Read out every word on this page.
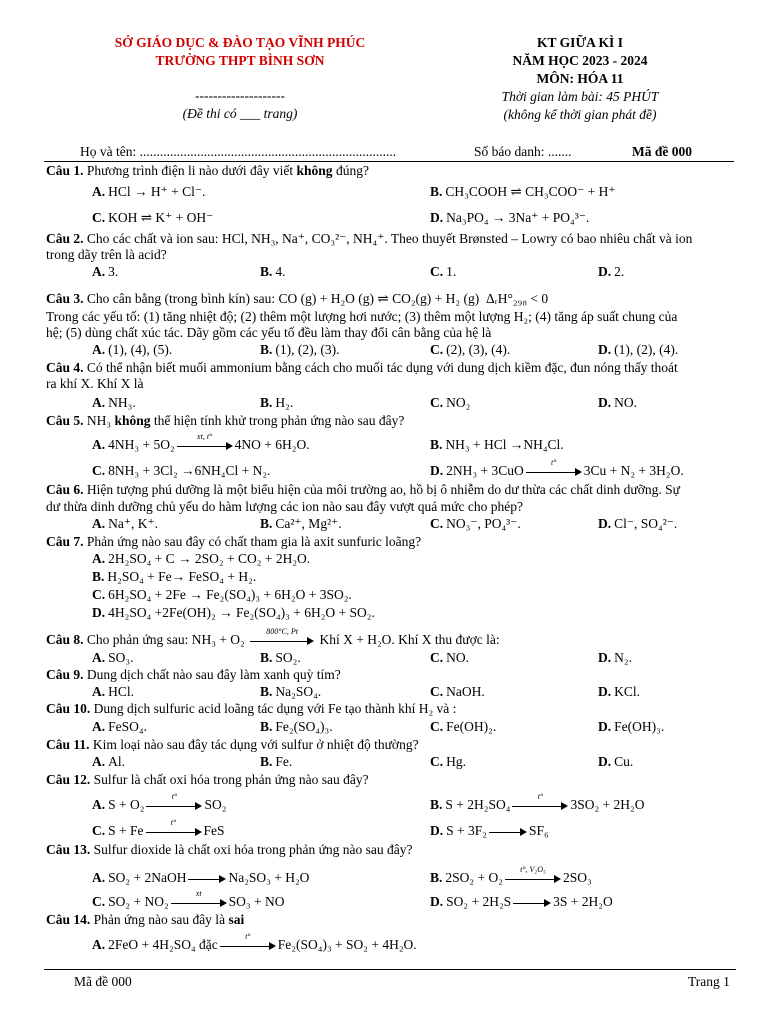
SỞ GIÁO DỤC & ĐÀO TẠO VĨNH PHÚC
TRƯỜNG THPT BÌNH SƠN
KT GIỮA KÌ I
NĂM HỌC 2023 - 2024
MÔN: HÓA 11
--------------------
(Đề thi có ___ trang)
Thời gian làm bài: 45 PHÚT
(không kể thời gian phát đề)
Họ và tên: ............................................................................	Số báo danh: .......	Mã đề 000
Câu 1. Phương trình điện li nào dưới đây viết không đúng?
A. HCl → H⁺ + Cl⁻.	B. CH₃COOH ⇌ CH₃COO⁻ + H⁺
C. KOH ⇌ K⁺ + OH⁻	D. Na₃PO₄ → 3Na⁺ + PO₄³⁻.
Câu 2. Cho các chất và ion sau: HCl, NH₃, Na⁺, CO₃²⁻, NH₄⁺. Theo thuyết Brønsted – Lowry có bao nhiêu chất và ion
trong dãy trên là acid?
A. 3.	B. 4.	C. 1.	D. 2.
Câu 3. Cho cân bằng (trong bình kín) sau: CO (g) + H₂O (g) ⇌ CO₂(g) + H₂ (g) ΔᵣH°₂₉₈ < 0
Trong các yếu tố: (1) tăng nhiệt độ; (2) thêm một lượng hơi nước; (3) thêm một lượng H₂; (4) tăng áp suất chung của
hệ; (5) dùng chất xúc tác. Dãy gồm các yếu tố đều làm thay đổi cân bằng của hệ là
A. (1), (4), (5).	B. (1), (2), (3).	C. (2), (3), (4).	D. (1), (2), (4).
Câu 4. Có thể nhận biết muối ammonium bằng cách cho muối tác dụng với dung dịch kiềm đặc, đun nóng thấy thoát
ra khí X. Khí X là
A. NH₃.	B. H₂.	C. NO₂	D. NO.
Câu 5. NH₃ không thể hiện tính khử trong phản ứng nào sau đây?
A. 4NH₃ + 5O₂
xt, t°
4NO + 6H₂O.	B. NH₃ + HCl →NH₄Cl.
C. 8NH₃ + 3Cl₂ →6NH₄Cl + N₂.	D. 2NH₃ + 3CuO
t°
3Cu + N₂ + 3H₂O.
Câu 6. Hiện tượng phú dưỡng là một biểu hiện của môi trường ao, hồ bị ô nhiễm do dư thừa các chất dinh dưỡng. Sự
dư thừa dinh dưỡng chủ yếu do hàm lượng các ion nào sau đây vượt quá mức cho phép?
A. Na⁺, K⁺.	B. Ca²⁺, Mg²⁺.	C. NO₃⁻, PO₄³⁻.	D. Cl⁻, SO₄²⁻.
Câu 7. Phản ứng nào sau đây có chất tham gia là axit sunfuric loãng?
A. 2H₂SO₄ + C → 2SO₂ + CO₂ + 2H₂O.
B. H₂SO₄ + Fe→ FeSO₄ + H₂.
C. 6H₂SO₄ + 2Fe → Fe₂(SO₄)₃ + 6H₂O + 3SO₂.
D. 4H₂SO₄ +2Fe(OH)₂ → Fe₂(SO₄)₃ + 6H₂O + SO₂.
Câu 8. Cho phản ứng sau: NH₃ + O₂
800°C, Pt
Khí X + H₂O. Khí X thu được là:
A. SO₃.	B. SO₂.	C. NO.	D. N₂.
Câu 9. Dung dịch chất nào sau đây làm xanh quỳ tím?
A. HCl.	B. Na₂SO₄.	C. NaOH.	D. KCl.
Câu 10. Dung dịch sulfuric acid loãng tác dụng với Fe tạo thành khí H₂ và :
A. FeSO₄.	B. Fe₂(SO₄)₃.	C. Fe(OH)₂.	D. Fe(OH)₃.
Câu 11. Kim loại nào sau đây tác dụng với sulfur ở nhiệt độ thường?
A. Al.	B. Fe.	C. Hg.	D. Cu.
Câu 12. Sulfur là chất oxi hóa trong phản ứng nào sau đây?
A. S + O₂
t°
SO₂	B. S + 2H₂SO₄
t°
3SO₂ + 2H₂O
C. S + Fe
t°
FeS	D. S + 3F₂	SF₆
Câu 13. Sulfur dioxide là chất oxi hóa trong phản ứng nào sau đây?
A. SO₂ + 2NaOH	Na₂SO₃ + H₂O	B. 2SO₂ + O₂
t°, V₂O₅
2SO₃
C. SO₂ + NO₂
xt
SO₃ + NO	D. SO₂ + 2H₂S	3S + 2H₂O
Câu 14. Phản ứng nào sau đây là sai
A. 2FeO + 4H₂SO₄ đặc
t°
Fe₂(SO₄)₃ + SO₂ + 4H₂O.
Mã đề 000	Trang 1
